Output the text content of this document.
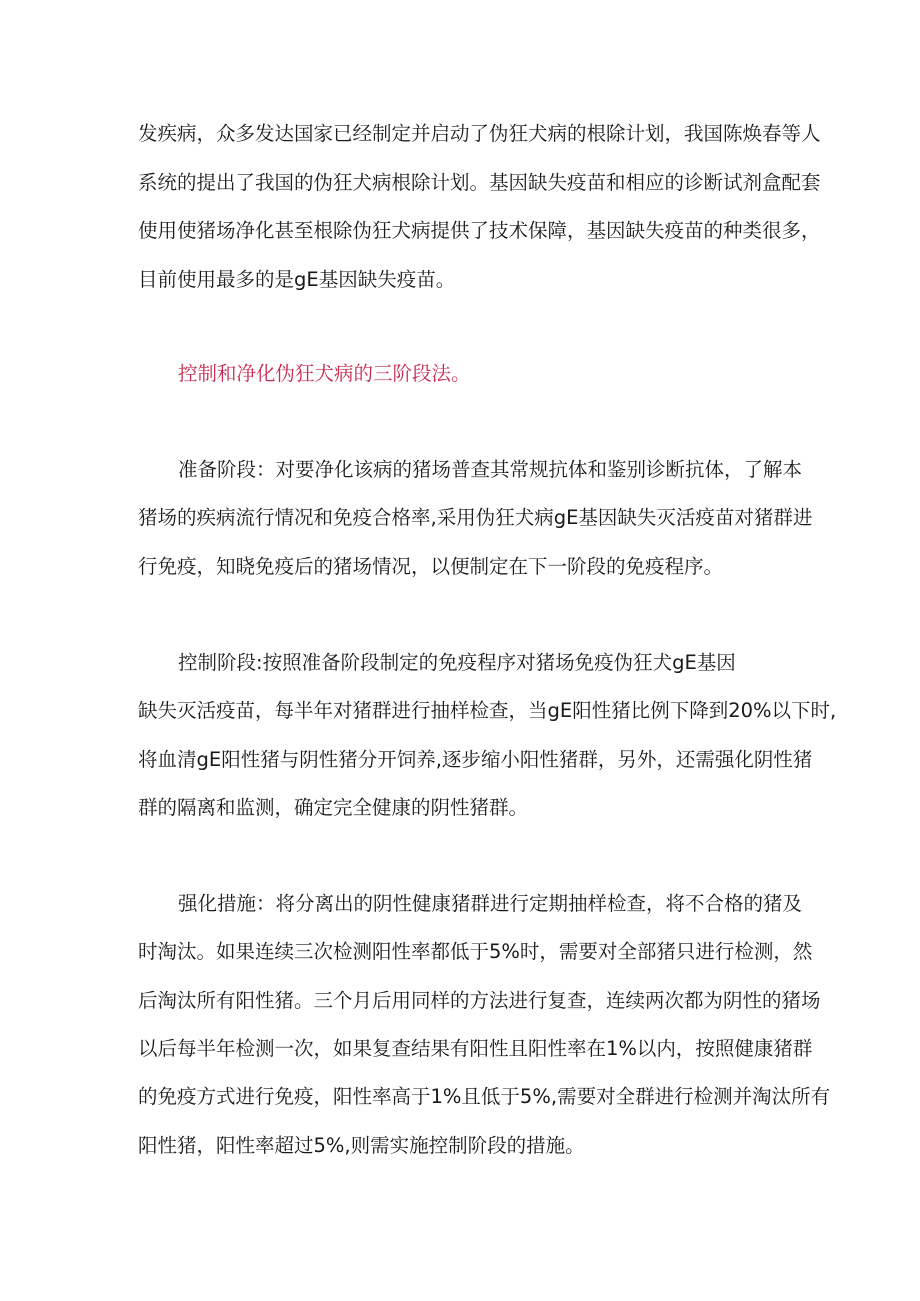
发疾病，众多发达国家已经制定并启动了伪狂犬病的根除计划，我国陈焕春等人
系统的提出了我国的伪狂犬病根除计划。基因缺失疫苗和相应的诊断试剂盒配套
使用使猪场净化甚至根除伪狂犬病提供了技术保障，基因缺失疫苗的种类很多，
目前使用最多的是gE基因缺失疫苗。
控制和净化伪狂犬病的三阶段法。
准备阶段：对要净化该病的猪场普查其常规抗体和鉴别诊断抗体，了解本
猪场的疾病流行情况和免疫合格率,采用伪狂犬病gE基因缺失灭活疫苗对猪群进
行免疫，知晓免疫后的猪场情况，以便制定在下一阶段的免疫程序。
控制阶段:按照准备阶段制定的免疫程序对猪场免疫伪狂犬gE基因
缺失灭活疫苗，每半年对猪群进行抽样检查，当gE阳性猪比例下降到20%以下时,
将血清gE阳性猪与阴性猪分开饲养,逐步缩小阳性猪群，另外，还需强化阴性猪
群的隔离和监测，确定完全健康的阴性猪群。
强化措施：将分离出的阴性健康猪群进行定期抽样检查，将不合格的猪及
时淘汰。如果连续三次检测阳性率都低于5%时，需要对全部猪只进行检测，然
后淘汰所有阳性猪。三个月后用同样的方法进行复查，连续两次都为阴性的猪场
以后每半年检测一次，如果复查结果有阳性且阳性率在1%以内，按照健康猪群
的免疫方式进行免疫，阳性率高于1%且低于5%,需要对全群进行检测并淘汰所有
阳性猪，阳性率超过5%,则需实施控制阶段的措施。
